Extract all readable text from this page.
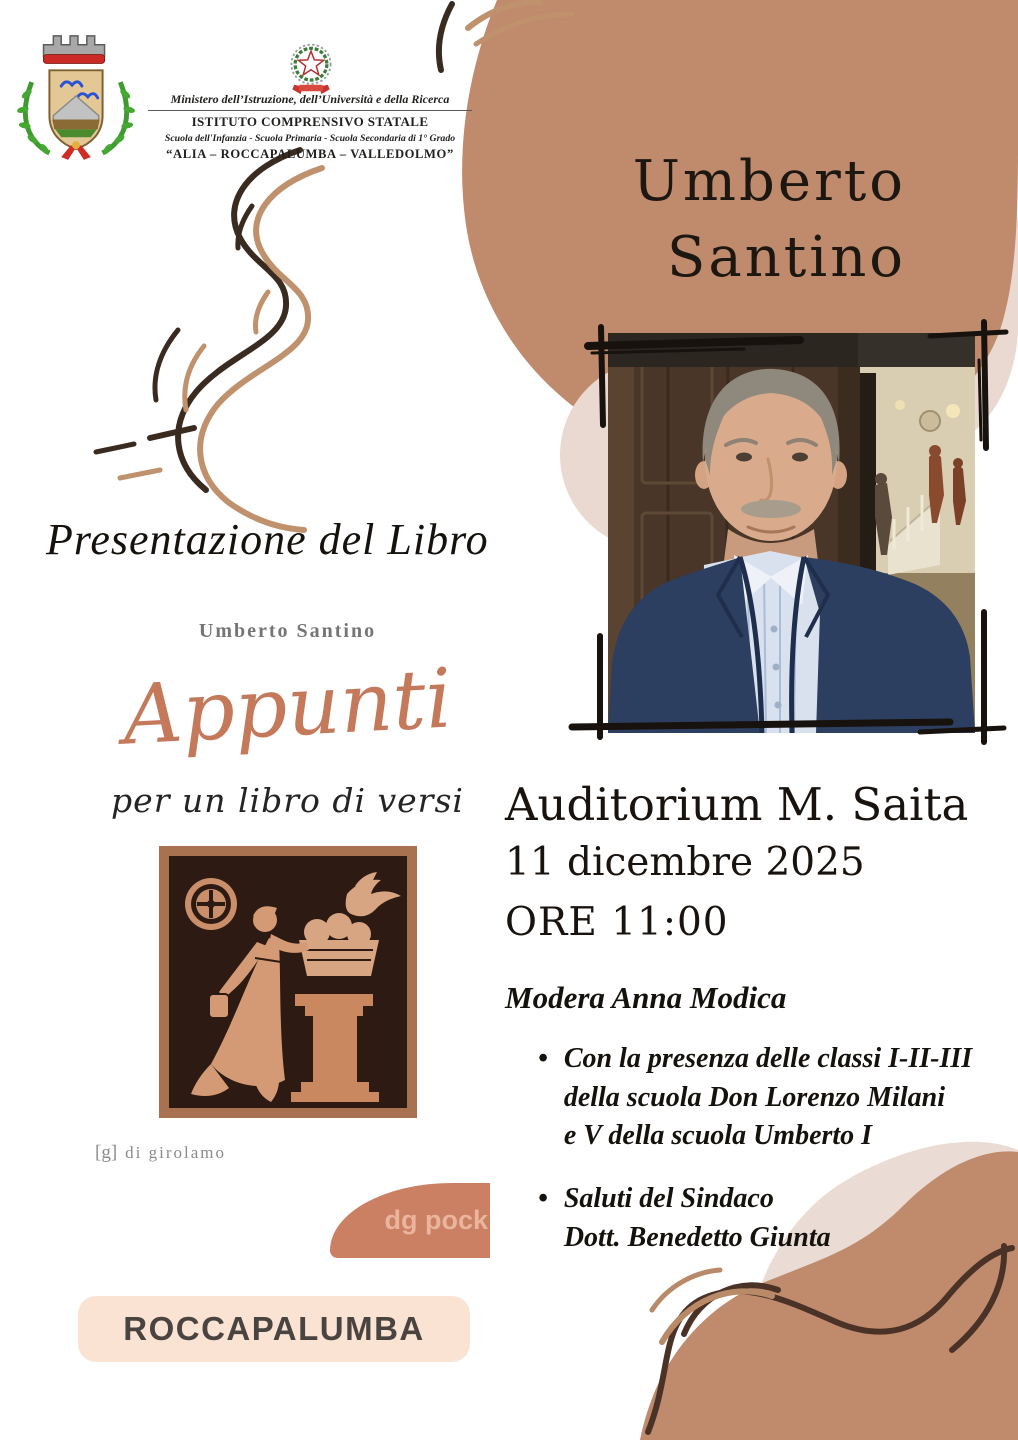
Ministero dell’Istruzione, dell’Università e della Ricerca
ISTITUTO COMPRENSIVO STATALE
Scuola dell'Infanzia - Scuola Primaria - Scuola Secondaria di 1° Grado
“ALIA – ROCCAPALUMBA – VALLEDOLMO”	Umberto
Santino
Presentazione del Libro
Umberto Santino
Appunti
per un libro di versi
[g] di girolamo
dg pock
Auditorium M. Saita
11 dicembre 2025
ORE 11:00
Modera Anna Modica
• Con la presenza delle classi I-II-III
della scuola Don Lorenzo Milani
e V della scuola Umberto I
• Saluti del Sindaco
Dott. Benedetto Giunta
ROCCAPALUMBA
